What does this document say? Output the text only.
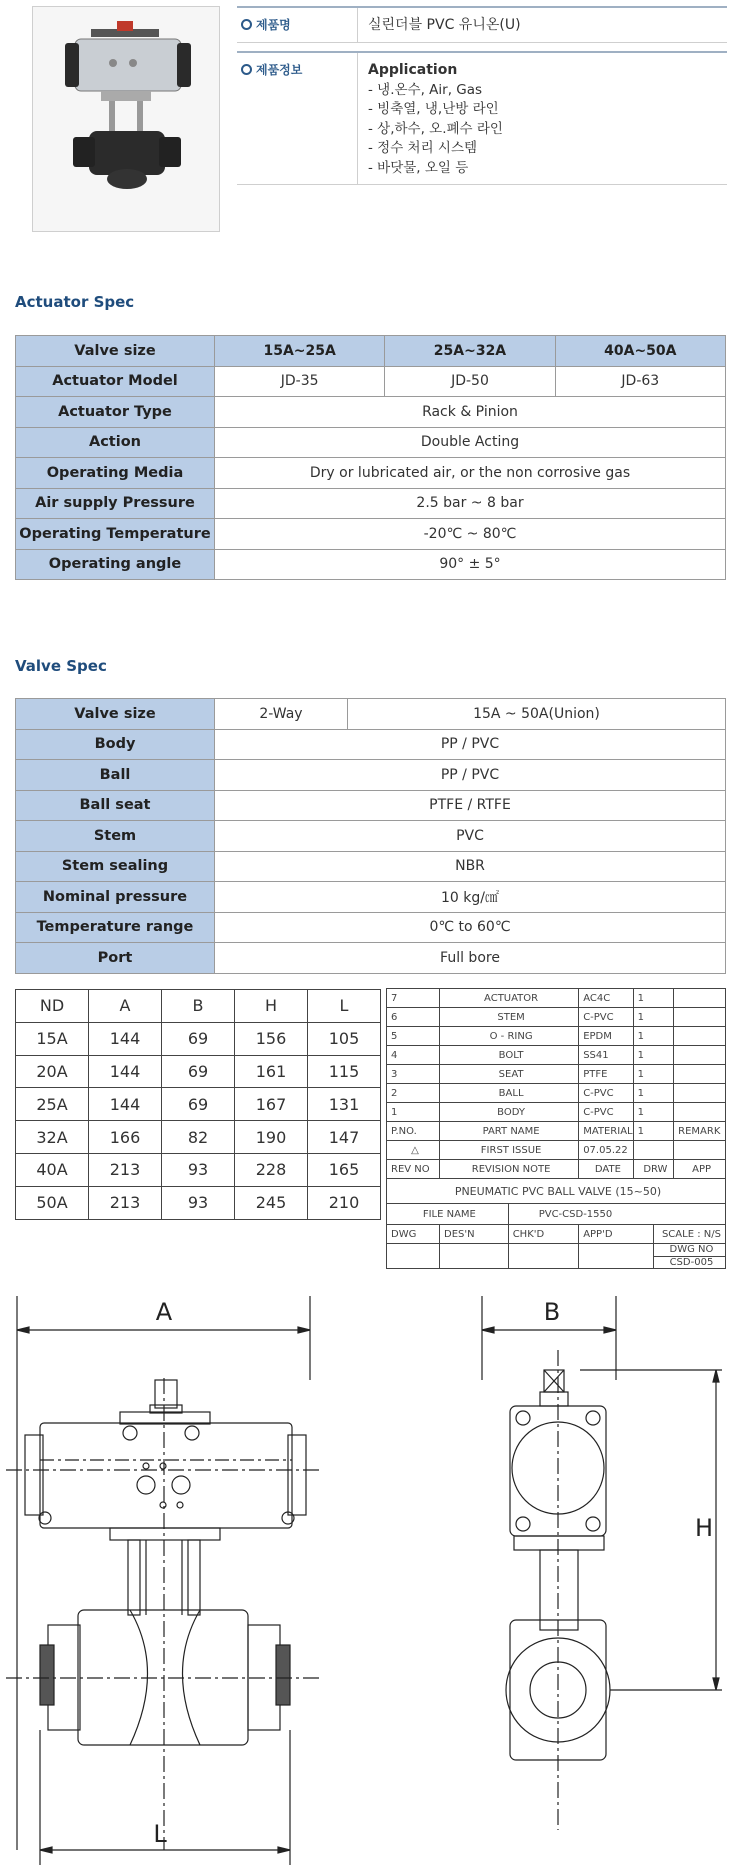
제품명	실린더블 PVC 유니온(U)
제품정보	Application
- 냉.온수, Air, Gas
- 빙축열, 냉,난방 라인
- 상,하수, 오.폐수 라인
- 정수 처리 시스템
- 바닷물, 오일 등
Actuator Spec
Valve size	15A~25A	25A~32A	40A~50A
Actuator Model	JD-35	JD-50	JD-63
Actuator Type	Rack & Pinion		
Action	Double Acting		
Operating Media	Dry or lubricated air, or the non corrosive gas		
Air supply Pressure	2.5 bar ~ 8 bar		
Operating Temperature	-20℃ ~ 80℃		
Operating angle	90° ± 5°		
Valve Spec
Valve size	2-Way	15A ~ 50A(Union)
Body	PP / PVC	
Ball	PP / PVC	
Ball seat	PTFE / RTFE	
Stem	PVC	
Stem sealing	NBR	
Nominal pressure	10 kg/㎠	
Temperature range	0℃ to 60℃	
Port	Full bore	
ND	A	B	H	L
15A	144	69	156	105
20A	144	69	161	115
25A	144	69	167	131
32A	166	82	190	147
40A	213	93	228	165
50A	213	93	245	210
7	ACTUATOR		AC4C	1		
6	STEM		C-PVC	1		
5	O - RING		EPDM	1		
4	BOLT		SS41	1		
3	SEAT		PTFE	1		
2	BALL		C-PVC	1		
1	BODY		C-PVC	1		
P.NO.	PART NAME		MATERIAL	1		REMARK
△	FIRST ISSUE		07.05.22			
REV NO	REVISION NOTE		DATE	DRW		APP
PNEUMATIC PVC BALL VALVE (15~50)						
FILE NAME		PVC-CSD-1550				
DWG	DES'N	CHK'D	APP'D		SCALE : N/S	
					DWG NO	
					CSD-005	
A	B
H
L
